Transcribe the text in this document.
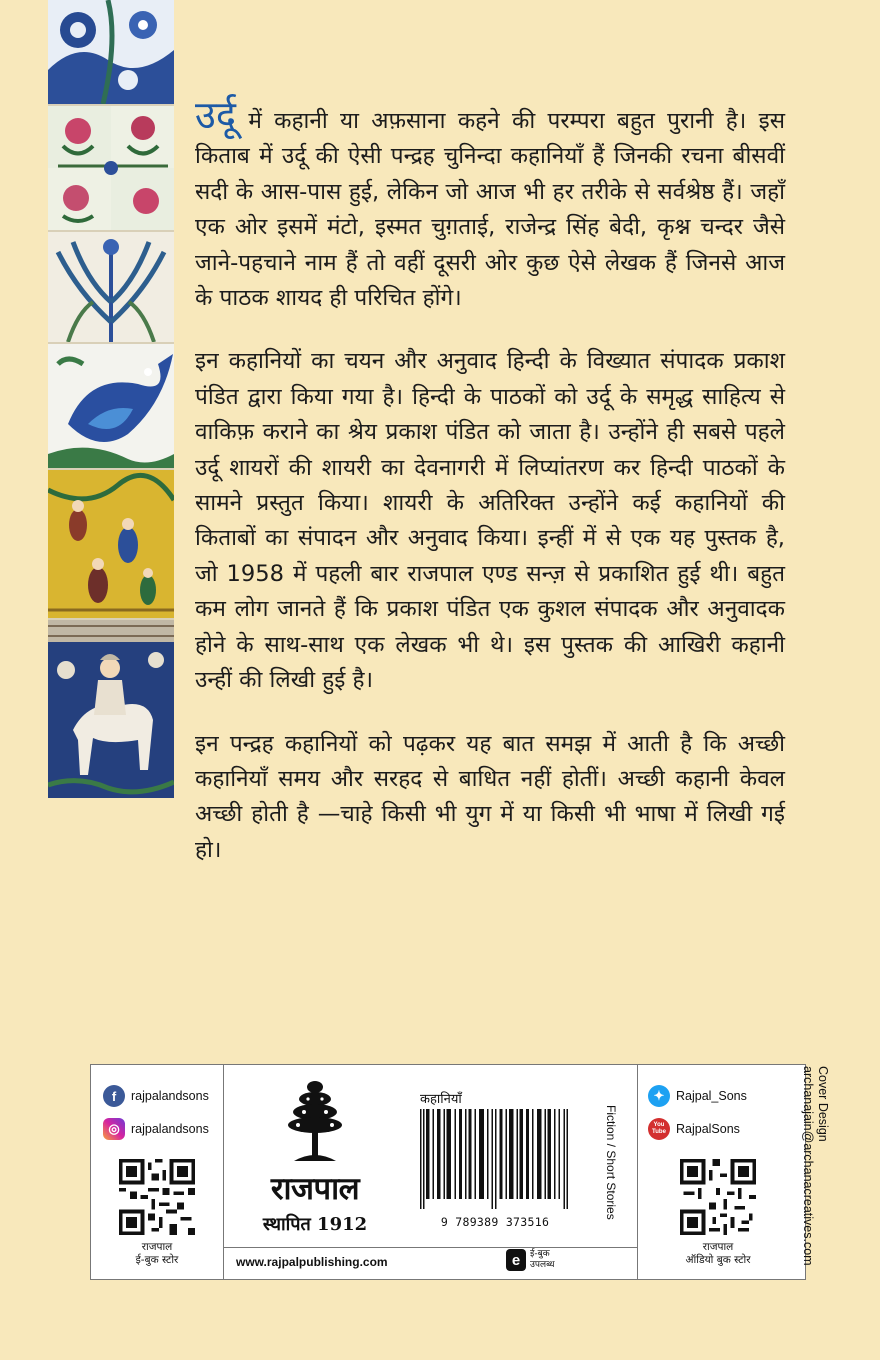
उर्दू में कहानी या अफ़साना कहने की परम्परा बहुत पुरानी है। इस किताब में उर्दू की ऐसी पन्द्रह चुनिन्दा कहानियाँ हैं जिनकी रचना बीसवीं सदी के आस-पास हुई, लेकिन जो आज भी हर तरीके से सर्वश्रेष्ठ हैं। जहाँ एक ओर इसमें मंटो, इस्मत चुग़ताई, राजेन्द्र सिंह बेदी, कृश्न चन्दर जैसे जाने-पहचाने नाम हैं तो वहीं दूसरी ओर कुछ ऐसे लेखक हैं जिनसे आज के पाठक शायद ही परिचित होंगे।

इन कहानियों का चयन और अनुवाद हिन्दी के विख्यात संपादक प्रकाश पंडित द्वारा किया गया है। हिन्दी के पाठकों को उर्दू के समृद्ध साहित्य से वाकिफ़ कराने का श्रेय प्रकाश पंडित को जाता है। उन्होंने ही सबसे पहले उर्दू शायरों की शायरी का देवनागरी में लिप्यांतरण कर हिन्दी पाठकों के सामने प्रस्तुत किया। शायरी के अतिरिक्त उन्होंने कई कहानियों की किताबों का संपादन और अनुवाद किया। इन्हीं में से एक यह पुस्तक है, जो 1958 में पहली बार राजपाल एण्ड सन्ज़ से प्रकाशित हुई थी। बहुत कम लोग जानते हैं कि प्रकाश पंडित एक कुशल संपादक और अनुवादक होने के साथ-साथ एक लेखक भी थे। इस पुस्तक की आखिरी कहानी उन्हीं की लिखी हुई है।

इन पन्द्रह कहानियों को पढ़कर यह बात समझ में आती है कि अच्छी कहानियाँ समय और सरहद से बाधित नहीं होतीं। अच्छी कहानी केवल अच्छी होती है —चाहे किसी भी युग में या किसी भी भाषा में लिखी गई हो।

f	rajpalandsons
◎ rajpalandsons
राजपाल
ई-बुक स्टोर
राजपाल
स्थापित 1912
कहानियाँ
9 789389 373516
Fiction / Short Stories
www.rajpalpublishing.com	e	ई-बुक
उपलब्ध
✦ Rajpal_Sons
You Tube RajpalSons
राजपाल
ऑडियो बुक स्टोर
Cover Design
archanajain@archanacreatives.com
